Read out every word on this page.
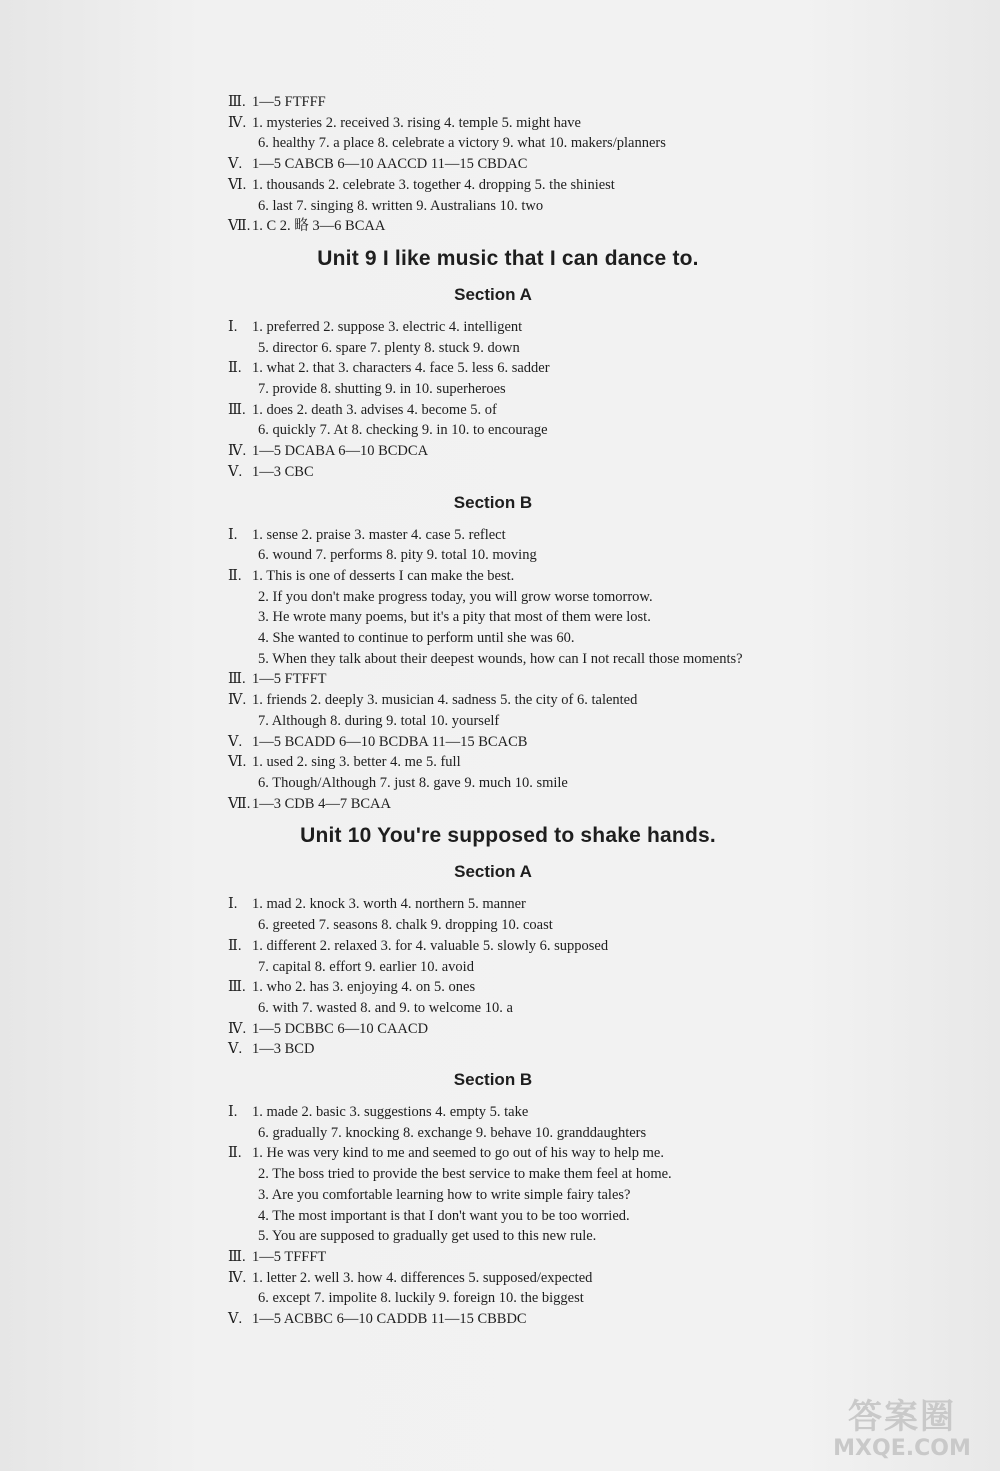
Ⅲ. 1—5 FTFFF
Ⅳ. 1. mysteries 2. received 3. rising 4. temple 5. might have
6. healthy 7. a place 8. celebrate a victory 9. what 10. makers/planners
Ⅴ. 1—5 CABCB 6—10 AACCD 11—15 CBDAC
Ⅵ. 1. thousands 2. celebrate 3. together 4. dropping 5. the shiniest
6. last 7. singing 8. written 9. Australians 10. two
Ⅶ. 1. C 2. 略 3—6 BCAA
Unit 9 I like music that I can dance to.
Section A
Ⅰ.	1. preferred 2. suppose 3. electric 4. intelligent
5. director 6. spare 7. plenty 8. stuck 9. down
Ⅱ. 1. what 2. that 3. characters 4. face 5. less 6. sadder
7. provide 8. shutting 9. in 10. superheroes
Ⅲ. 1. does 2. death 3. advises 4. become 5. of
6. quickly 7. At 8. checking 9. in 10. to encourage
Ⅳ. 1—5 DCABA 6—10 BCDCA
Ⅴ. 1—3 CBC
Section B
Ⅰ.	1. sense 2. praise 3. master 4. case 5. reflect
6. wound 7. performs 8. pity 9. total 10. moving
Ⅱ. 1. This is one of desserts I can make the best.
2. If you don't make progress today, you will grow worse tomorrow.
3. He wrote many poems, but it's a pity that most of them were lost.
4. She wanted to continue to perform until she was 60.
5. When they talk about their deepest wounds, how can I not recall those moments?
Ⅲ. 1—5 FTFFT
Ⅳ. 1. friends 2. deeply 3. musician 4. sadness 5. the city of 6. talented
7. Although 8. during 9. total 10. yourself
Ⅴ. 1—5 BCADD 6—10 BCDBA 11—15 BCACB
Ⅵ. 1. used 2. sing 3. better 4. me 5. full
6. Though/Although 7. just 8. gave 9. much 10. smile
Ⅶ. 1—3 CDB 4—7 BCAA
Unit 10 You're supposed to shake hands.
Section A
Ⅰ.	1. mad 2. knock 3. worth 4. northern 5. manner
6. greeted 7. seasons 8. chalk 9. dropping 10. coast
Ⅱ. 1. different 2. relaxed 3. for 4. valuable 5. slowly 6. supposed
7. capital 8. effort 9. earlier 10. avoid
Ⅲ. 1. who 2. has 3. enjoying 4. on 5. ones
6. with 7. wasted 8. and 9. to welcome 10. a
Ⅳ. 1—5 DCBBC 6—10 CAACD
Ⅴ. 1—3 BCD
Section B
Ⅰ.	1. made 2. basic 3. suggestions 4. empty 5. take
6. gradually 7. knocking 8. exchange 9. behave 10. granddaughters
Ⅱ. 1. He was very kind to me and seemed to go out of his way to help me.
2. The boss tried to provide the best service to make them feel at home.
3. Are you comfortable learning how to write simple fairy tales?
4. The most important is that I don't want you to be too worried.
5. You are supposed to gradually get used to this new rule.
Ⅲ. 1—5 TFFFT
Ⅳ. 1. letter 2. well 3. how 4. differences 5. supposed/expected
6. except 7. impolite 8. luckily 9. foreign 10. the biggest
Ⅴ. 1—5 ACBBC 6—10 CADDB 11—15 CBBDC
答案圈
MXQE.COM
